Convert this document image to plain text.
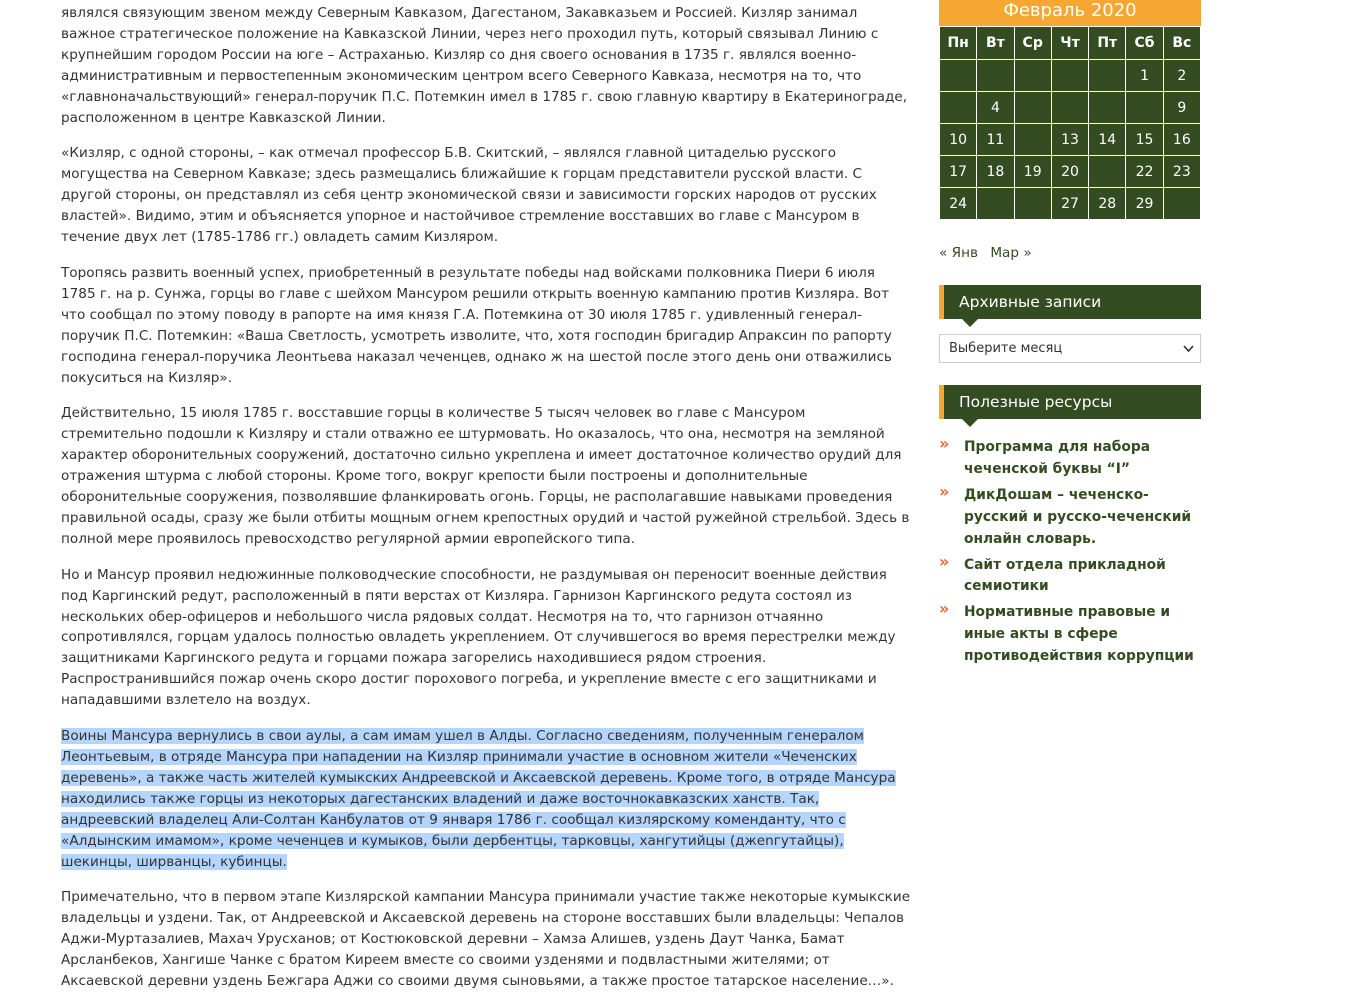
являлся связующим звеном между Северным Кавказом, Дагестаном, Закавказьем и Россией. Кизляр занимал важное стратегическое положение на Кавказской Линии, через него проходил путь, который связывал Линию с крупнейшим городом России на юге – Астраханью. Кизляр со дня своего основания в 1735 г. являлся военно-административным и первостепенным экономическим центром всего Северного Кавказа, несмотря на то, что «главноначальствующий» генерал-поручик П.С. Потемкин имел в 1785 г. свою главную квартиру в Екатеринограде, расположенном в центре Кавказской Линии.

«Кизляр, с одной стороны, – как отмечал профессор Б.В. Скитский, – являлся главной цитаделью русского могущества на Северном Кавказе; здесь размещались ближайшие к горцам представители русской власти. С другой стороны, он представлял из себя центр экономической связи и зависимости горских народов от русских властей». Видимо, этим и объясняется упорное и настойчивое стремление восставших во главе с Мансуром в течение двух лет (1785-1786 гг.) овладеть самим Кизляром.

Торопясь развить военный успех, приобретенный в результате победы над войсками полковника Пиери 6 июля 1785 г. на р. Сунжа, горцы во главе с шейхом Мансуром решили открыть военную кампанию против Кизляра. Вот что сообщал по этому поводу в рапорте на имя князя Г.А. Потемкина от 30 июля 1785 г. удивленный генерал-поручик П.С. Потемкин: «Ваша Светлость, усмотреть изволите, что, хотя господин бригадир Апраксин по рапорту господина генерал-поручика Леонтьева наказал чеченцев, однако ж на шестой после этого день они отважились покуситься на Кизляр».

Действительно, 15 июля 1785 г. восставшие горцы в количестве 5 тысяч человек во главе с Мансуром стремительно подошли к Кизляру и стали отважно ее штурмовать. Но оказалось, что она, несмотря на земляной характер оборонительных сооружений, достаточно сильно укреплена и имеет достаточное количество орудий для отражения штурма с любой стороны. Кроме того, вокруг крепости были построены и дополнительные оборонительные сооружения, позволявшие фланкировать огонь. Горцы, не располагавшие навыками проведения правильной осады, сразу же были отбиты мощным огнем крепостных орудий и частой ружейной стрельбой. Здесь в полной мере проявилось превосходство регулярной армии европейского типа.

Но и Мансур проявил недюжинные полководческие способности, не раздумывая он переносит военные действия под Каргинский редут, расположенный в пяти верстах от Кизляра. Гарнизон Каргинского редута состоял из нескольких обер-офицеров и небольшого числа рядовых солдат. Несмотря на то, что гарнизон отчаянно сопротивлялся, горцам удалось полностью овладеть укреплением. От случившегося во время перестрелки между защитниками Каргинского редута и горцами пожара загорелись находившиеся рядом строения. Распространившийся пожар очень скоро достиг порохового погреба, и укрепление вместе с его защитниками и нападавшими взлетело на воздух.

Воины Мансура вернулись в свои аулы, а сам имам ушел в Алды. Согласно сведениям, полученным генералом Леонтьевым, в отряде Мансура при нападении на Кизляр принимали участие в основном жители «Чеченских деревень», а также часть жителей кумыкских Андреевской и Аксаевской деревень. Кроме того, в отряде Мансура находились также горцы из некоторых дагестанских владений и даже восточнокавказских ханств. Так, андреевский владелец Али-Солтан Канбулатов от 9 января 1786 г. сообщал кизлярскому коменданту, что с «Алдынским имамом», кроме чеченцев и кумыков, были дербентцы, тарковцы, хангутийцы (джenгутайцы), шекинцы, ширванцы, кубинцы.

Примечательно, что в первом этапе Кизлярской кампании Мансура принимали участие также некоторые кумыкские владельцы и уздени. Так, от Андреевской и Аксаевской деревень на стороне восставших были владельцы: Чепалов Аджи-Муртазалиев, Махач Урусханов; от Костюковской деревни – Хамза Алишев, уздень Даут Чанка, Бамат Арсланбеков, Хангише Чанке с братом Киреем вместе со своими узденями и подвластными жителями; от Аксаевской деревни уздень Бежгара Аджи со своими двумя сыновьями, а также простое татарское население…».

Февраль 2020
Пн	Вт	Ср	Чт	Пт	Сб	Вс
					1	2
	4					9
10	11		13	14	15	16
17	18	19	20		22	23
24			27	28	29	
« Янв Мар »
Архивные записи
Выберите месяц
Полезные ресурсы
» Программа для набора чеченской буквы “I”
» ДикДошам – чеченско-русский и русско-чеченский онлайн словарь.
» Сайт отдела прикладной семиотики
» Нормативные правовые и иные акты в сфере противодействия коррупции
